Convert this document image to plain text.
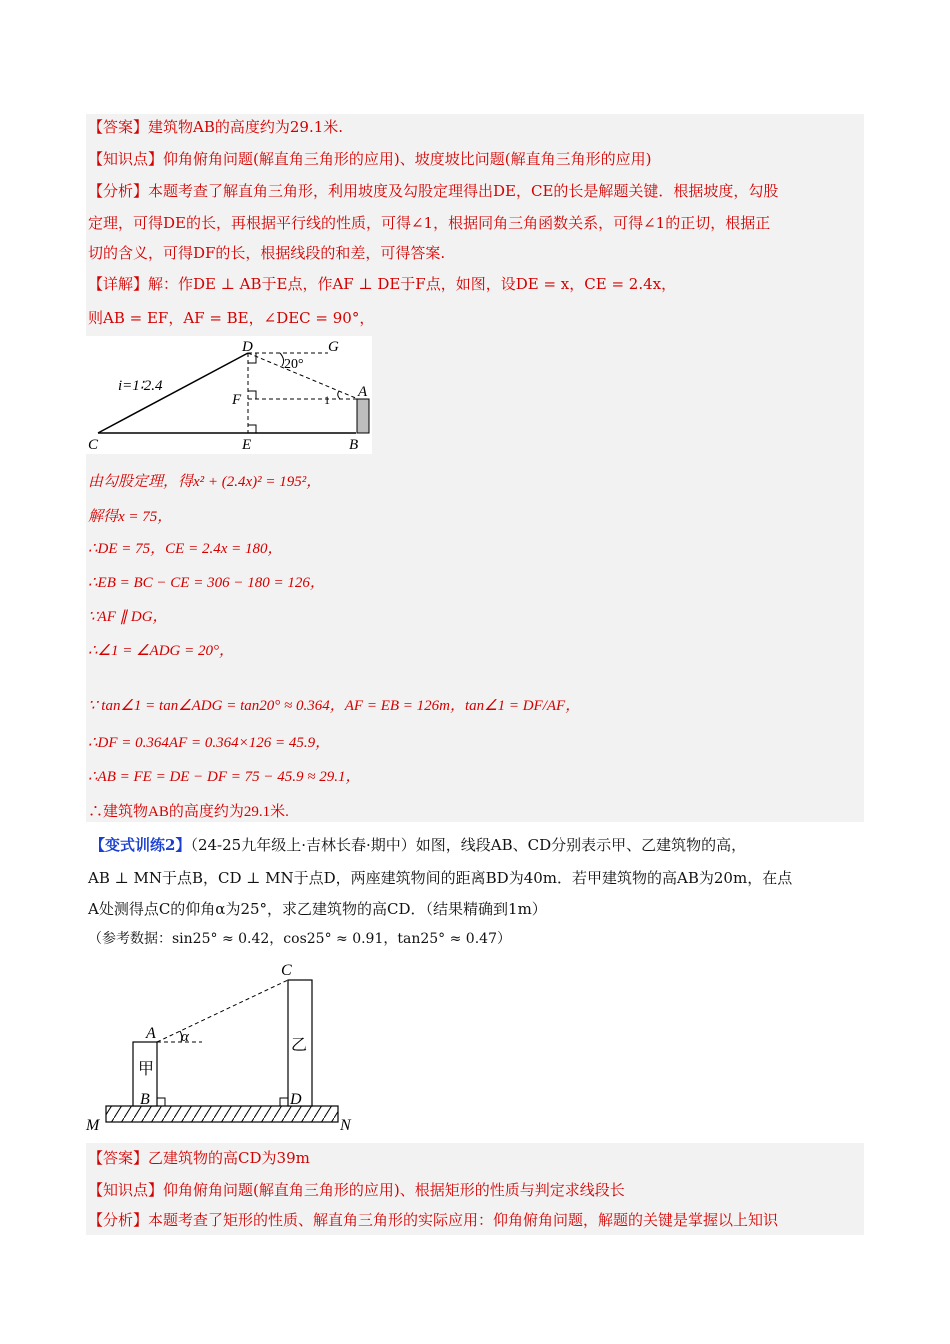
【答案】建筑物AB的高度约为29.1米.
【知识点】仰角俯角问题(解直角三角形的应用)、坡度坡比问题(解直角三角形的应用)
【分析】本题考查了解直角三角形，利用坡度及勾股定理得出DE，CE的长是解题关键．根据坡度，勾股
定理，可得DE的长，再根据平行线的性质，可得∠1，根据同角三角函数关系，可得∠1的正切，根据正
切的含义，可得DF的长，根据线段的和差，可得答案.
【详解】解：作DE ⊥ AB于E点，作AF ⊥ DE于F点，如图，设DE = x，CE = 2.4x，
则AB = EF，AF = BE，∠DEC = 90°，
i=1∶2.4
20°
1
D	G
A
F
C	E	B
由勾股定理，得x² + (2.4x)² = 195²，
解得x = 75，
∴DE = 75，CE = 2.4x = 180，
∴EB = BC − CE = 306 − 180 = 126，
∵AF ∥ DG，
∴∠1 = ∠ADG = 20°，
∵ tan∠1 = tan∠ADG = tan20° ≈ 0.364，AF = EB = 126m，tan∠1 = DF/AF，
∴DF = 0.364AF = 0.364×126 = 45.9，
∴AB = FE = DE − DF = 75 − 45.9 ≈ 29.1，
∴建筑物AB的高度约为29.1米.
【变式训练2】（24-25九年级上·吉林长春·期中）如图，线段AB、CD分别表示甲、乙建筑物的高，
AB ⊥ MN于点B，CD ⊥ MN于点D，两座建筑物间的距离BD为40m．若甲建筑物的高AB为20m，在点
A处测得点C的仰角α为25°，求乙建筑物的高CD．（结果精确到1m）
（参考数据：sin25° ≈ 0.42，cos25° ≈ 0.91，tan25° ≈ 0.47）
α
甲
乙
A
B
C
D
M	N
【答案】乙建筑物的高CD为39m
【知识点】仰角俯角问题(解直角三角形的应用)、根据矩形的性质与判定求线段长
【分析】本题考查了矩形的性质、解直角三角形的实际应用：仰角俯角问题，解题的关键是掌握以上知识
